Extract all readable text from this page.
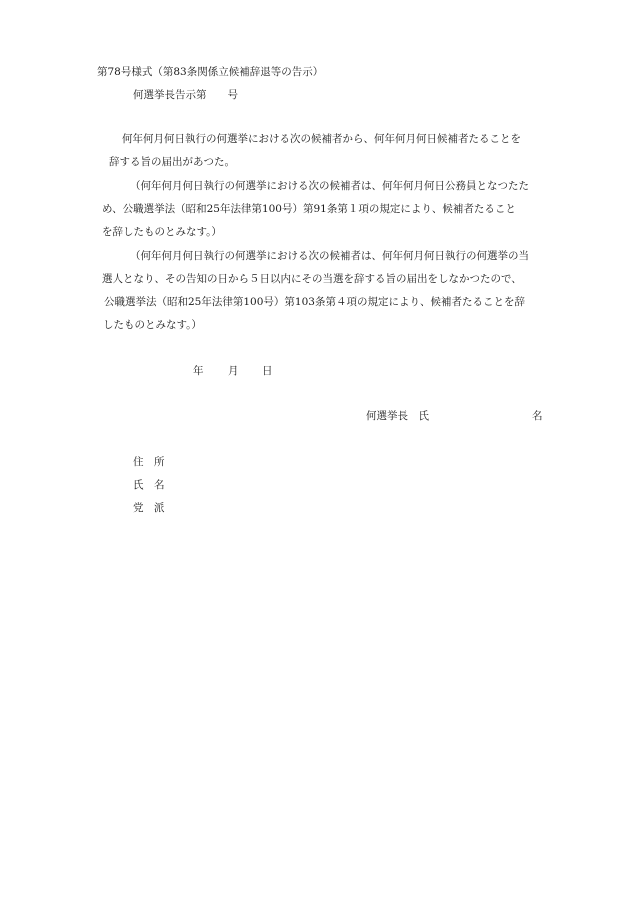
第78号様式（第83条関係立候補辞退等の告示）
何選挙長告示第　　号
何年何月何日執行の何選挙における次の候補者から、何年何月何日候補者たることを
辞する旨の届出があつた。
（何年何月何日執行の何選挙における次の候補者は、何年何月何日公務員となつたた
め、公職選挙法（昭和25年法律第100号）第91条第１項の規定により、候補者たること
を辞したものとみなす。）
（何年何月何日執行の何選挙における次の候補者は、何年何月何日執行の何選挙の当
選人となり、その告知の日から５日以内にその当選を辞する旨の届出をしなかつたので、
公職選挙法（昭和25年法律第100号）第103条第４項の規定により、候補者たることを辞
したものとみなす。）
年 月 日
何選挙長　氏	名
住　所
氏　名
党　派
